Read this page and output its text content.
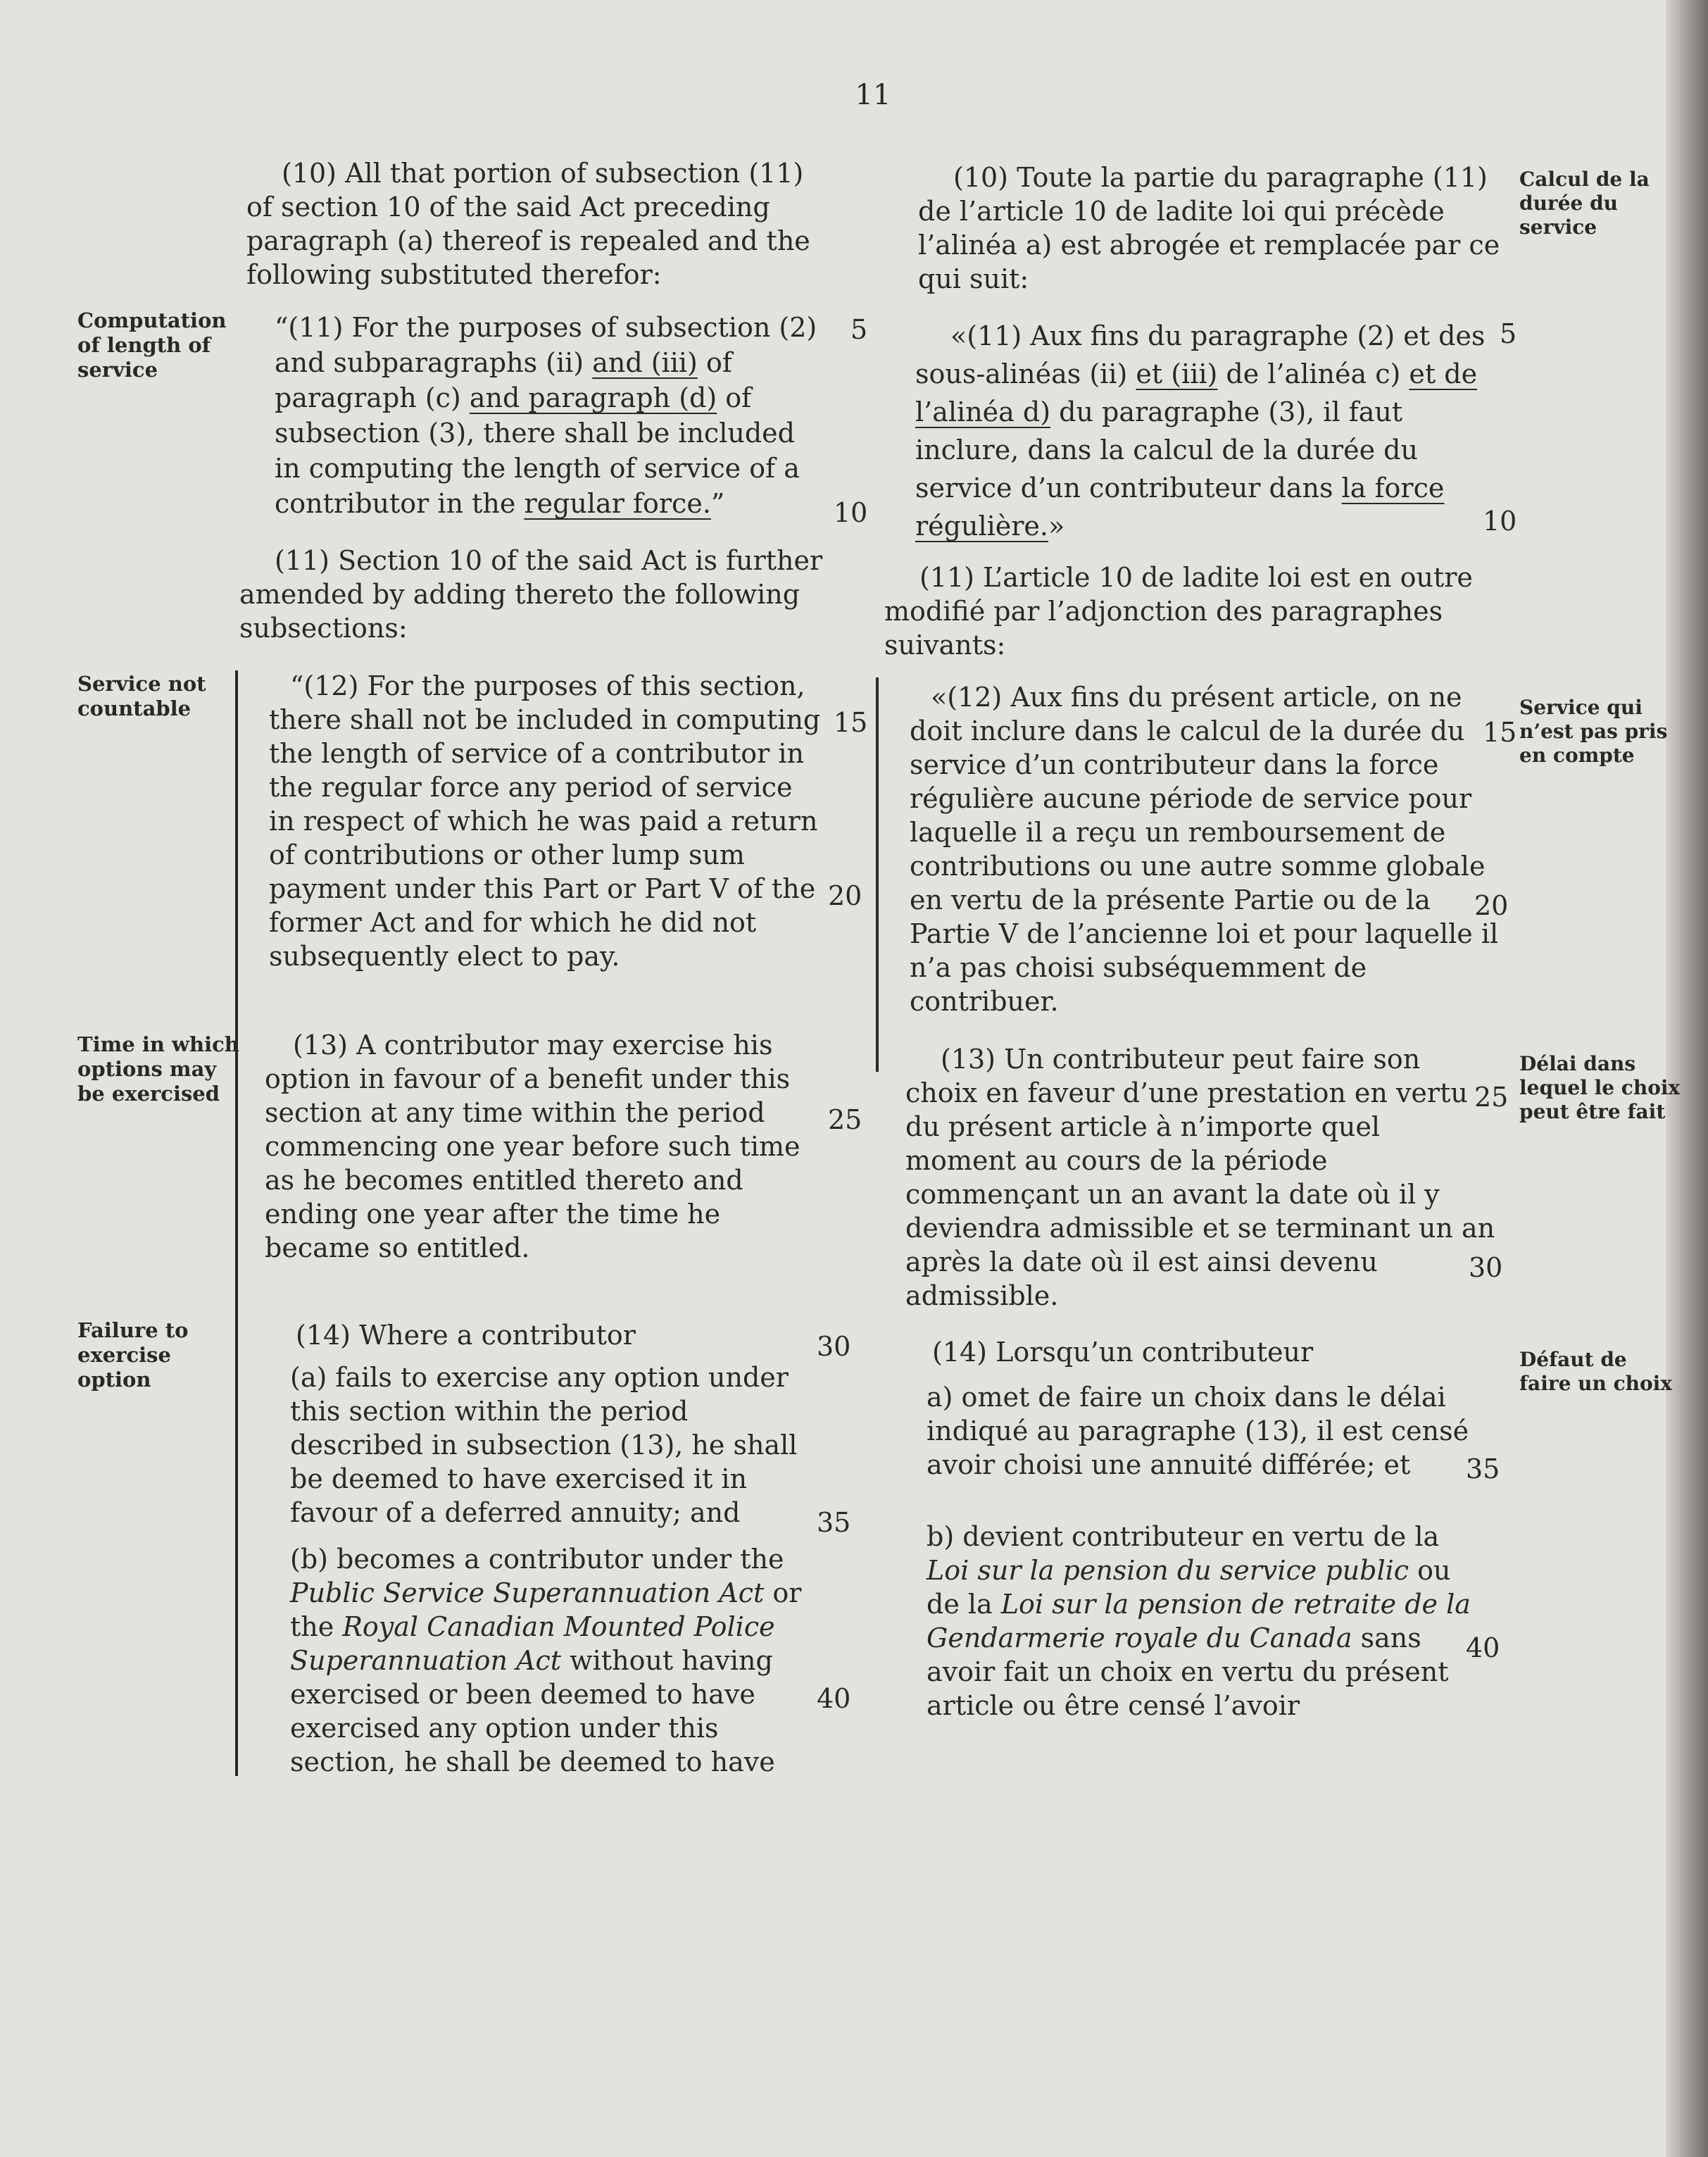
11

(10) All that portion of subsection (11) of section 10 of the said Act preceding paragraph (a) thereof is repealed and the following substituted therefor:

“(11) For the purposes of subsection (2) and subparagraphs (ii) and (iii) of paragraph (c) and paragraph (d) of subsection (3), there shall be included in computing the length of service of a contributor in the regular force.”

(11) Section 10 of the said Act is further amended by adding thereto the following subsections:

“(12) For the purposes of this section, there shall not be included in computing the length of service of a contributor in the regular force any period of service in respect of which he was paid a return of contributions or other lump sum payment under this Part or Part V of the former Act and for which he did not subsequently elect to pay.

(13) A contributor may exercise his option in favour of a benefit under this section at any time within the period commencing one year before such time as he becomes entitled thereto and ending one year after the time he became so entitled.

(14) Where a contributor

(a) fails to exercise any option under this section within the period described in subsection (13), he shall be deemed to have exercised it in favour of a deferred annuity; and

(b) becomes a contributor under the Public Service Superannuation Act or the Royal Canadian Mounted Police Superannuation Act without having exercised or been deemed to have exercised any option under this section, he shall be deemed to have

5
10
15
20
25
30
35
40

(10) Toute la partie du paragraphe (11) de l’article 10 de ladite loi qui précède l’alinéa a) est abrogée et remplacée par ce qui suit:

«(11) Aux fins du paragraphe (2) et des sous-alinéas (ii) et (iii) de l’alinéa c) et de l’alinéa d) du paragraphe (3), il faut inclure, dans la calcul de la durée du service d’un contributeur dans la force régulière.»

(11) L’article 10 de ladite loi est en outre modifié par l’adjonction des paragraphes suivants:

«(12) Aux fins du présent article, on ne doit inclure dans le calcul de la durée du service d’un contributeur dans la force régulière aucune période de service pour laquelle il a reçu un remboursement de contributions ou une autre somme globale en vertu de la présente Partie ou de la Partie V de l’ancienne loi et pour laquelle il n’a pas choisi subséquemment de contribuer.

(13) Un contributeur peut faire son choix en faveur d’une prestation en vertu du présent article à n’importe quel moment au cours de la période commençant un an avant la date où il y deviendra admissible et se terminant un an après la date où il est ainsi devenu admissible.

(14) Lorsqu’un contributeur

a) omet de faire un choix dans le délai indiqué au paragraphe (13), il est censé avoir choisi une annuité différée; et

b) devient contributeur en vertu de la Loi sur la pension du service public ou de la Loi sur la pension de retraite de la Gendarmerie royale du Canada sans avoir fait un choix en vertu du présent article ou être censé l’avoir

5
10
15
20
25
30
35
40
Computation of length of service
Service not countable
Time in which options may be exercised
Failure to exercise option
Calcul de la durée du service
Service qui n’est pas pris en compte
Délai dans lequel le choix peut être fait
Défaut de faire un choix
